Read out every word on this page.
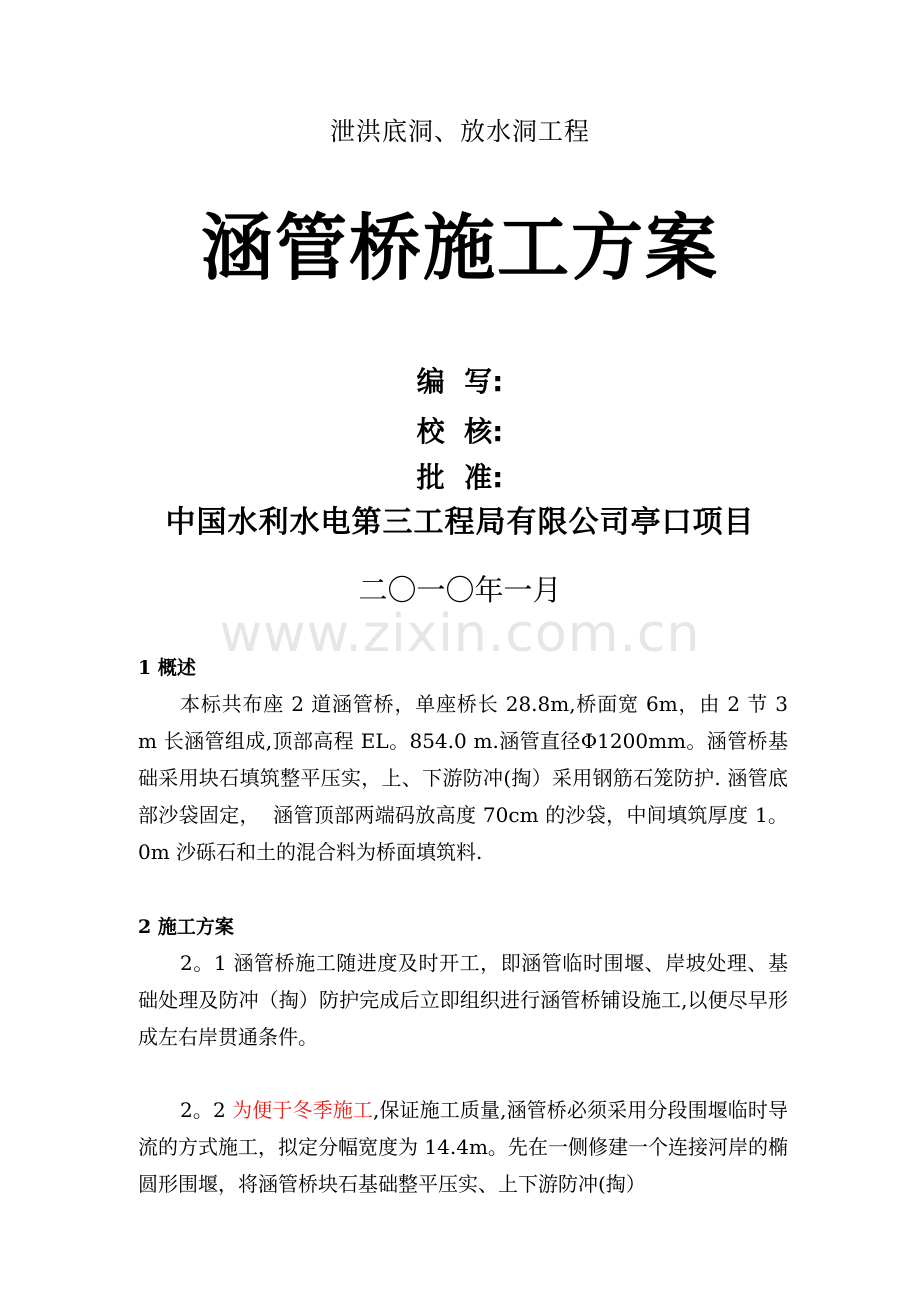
泄洪底洞、放水洞工程
涵管桥施工方案
编  写:
校  核:
批  准:
中国水利水电第三工程局有限公司亭口项目
二〇一〇年一月
www.zixin.com.cn
1 概述
本标共布座 2 道涵管桥，单座桥长 28.8m,桥面宽 6m，由 2 节 3 m 长涵管组成,顶部高程 EL。854.0 m.涵管直径Φ1200mm。涵管桥基础采用块石填筑整平压实，上、下游防冲(掏）采用钢筋石笼防护. 涵管底部沙袋固定，  涵管顶部两端码放高度 70cm 的沙袋，中间填筑厚度 1。0m 沙砾石和土的混合料为桥面填筑料.
2 施工方案
2。1 涵管桥施工随进度及时开工，即涵管临时围堰、岸坡处理、基础处理及防冲（掏）防护完成后立即组织进行涵管桥铺设施工,以便尽早形成左右岸贯通条件。
2。2 为便于冬季施工,保证施工质量,涵管桥必须采用分段围堰临时导流的方式施工，拟定分幅宽度为 14.4m。先在一侧修建一个连接河岸的椭圆形围堰，将涵管桥块石基础整平压实、上下游防冲(掏）
